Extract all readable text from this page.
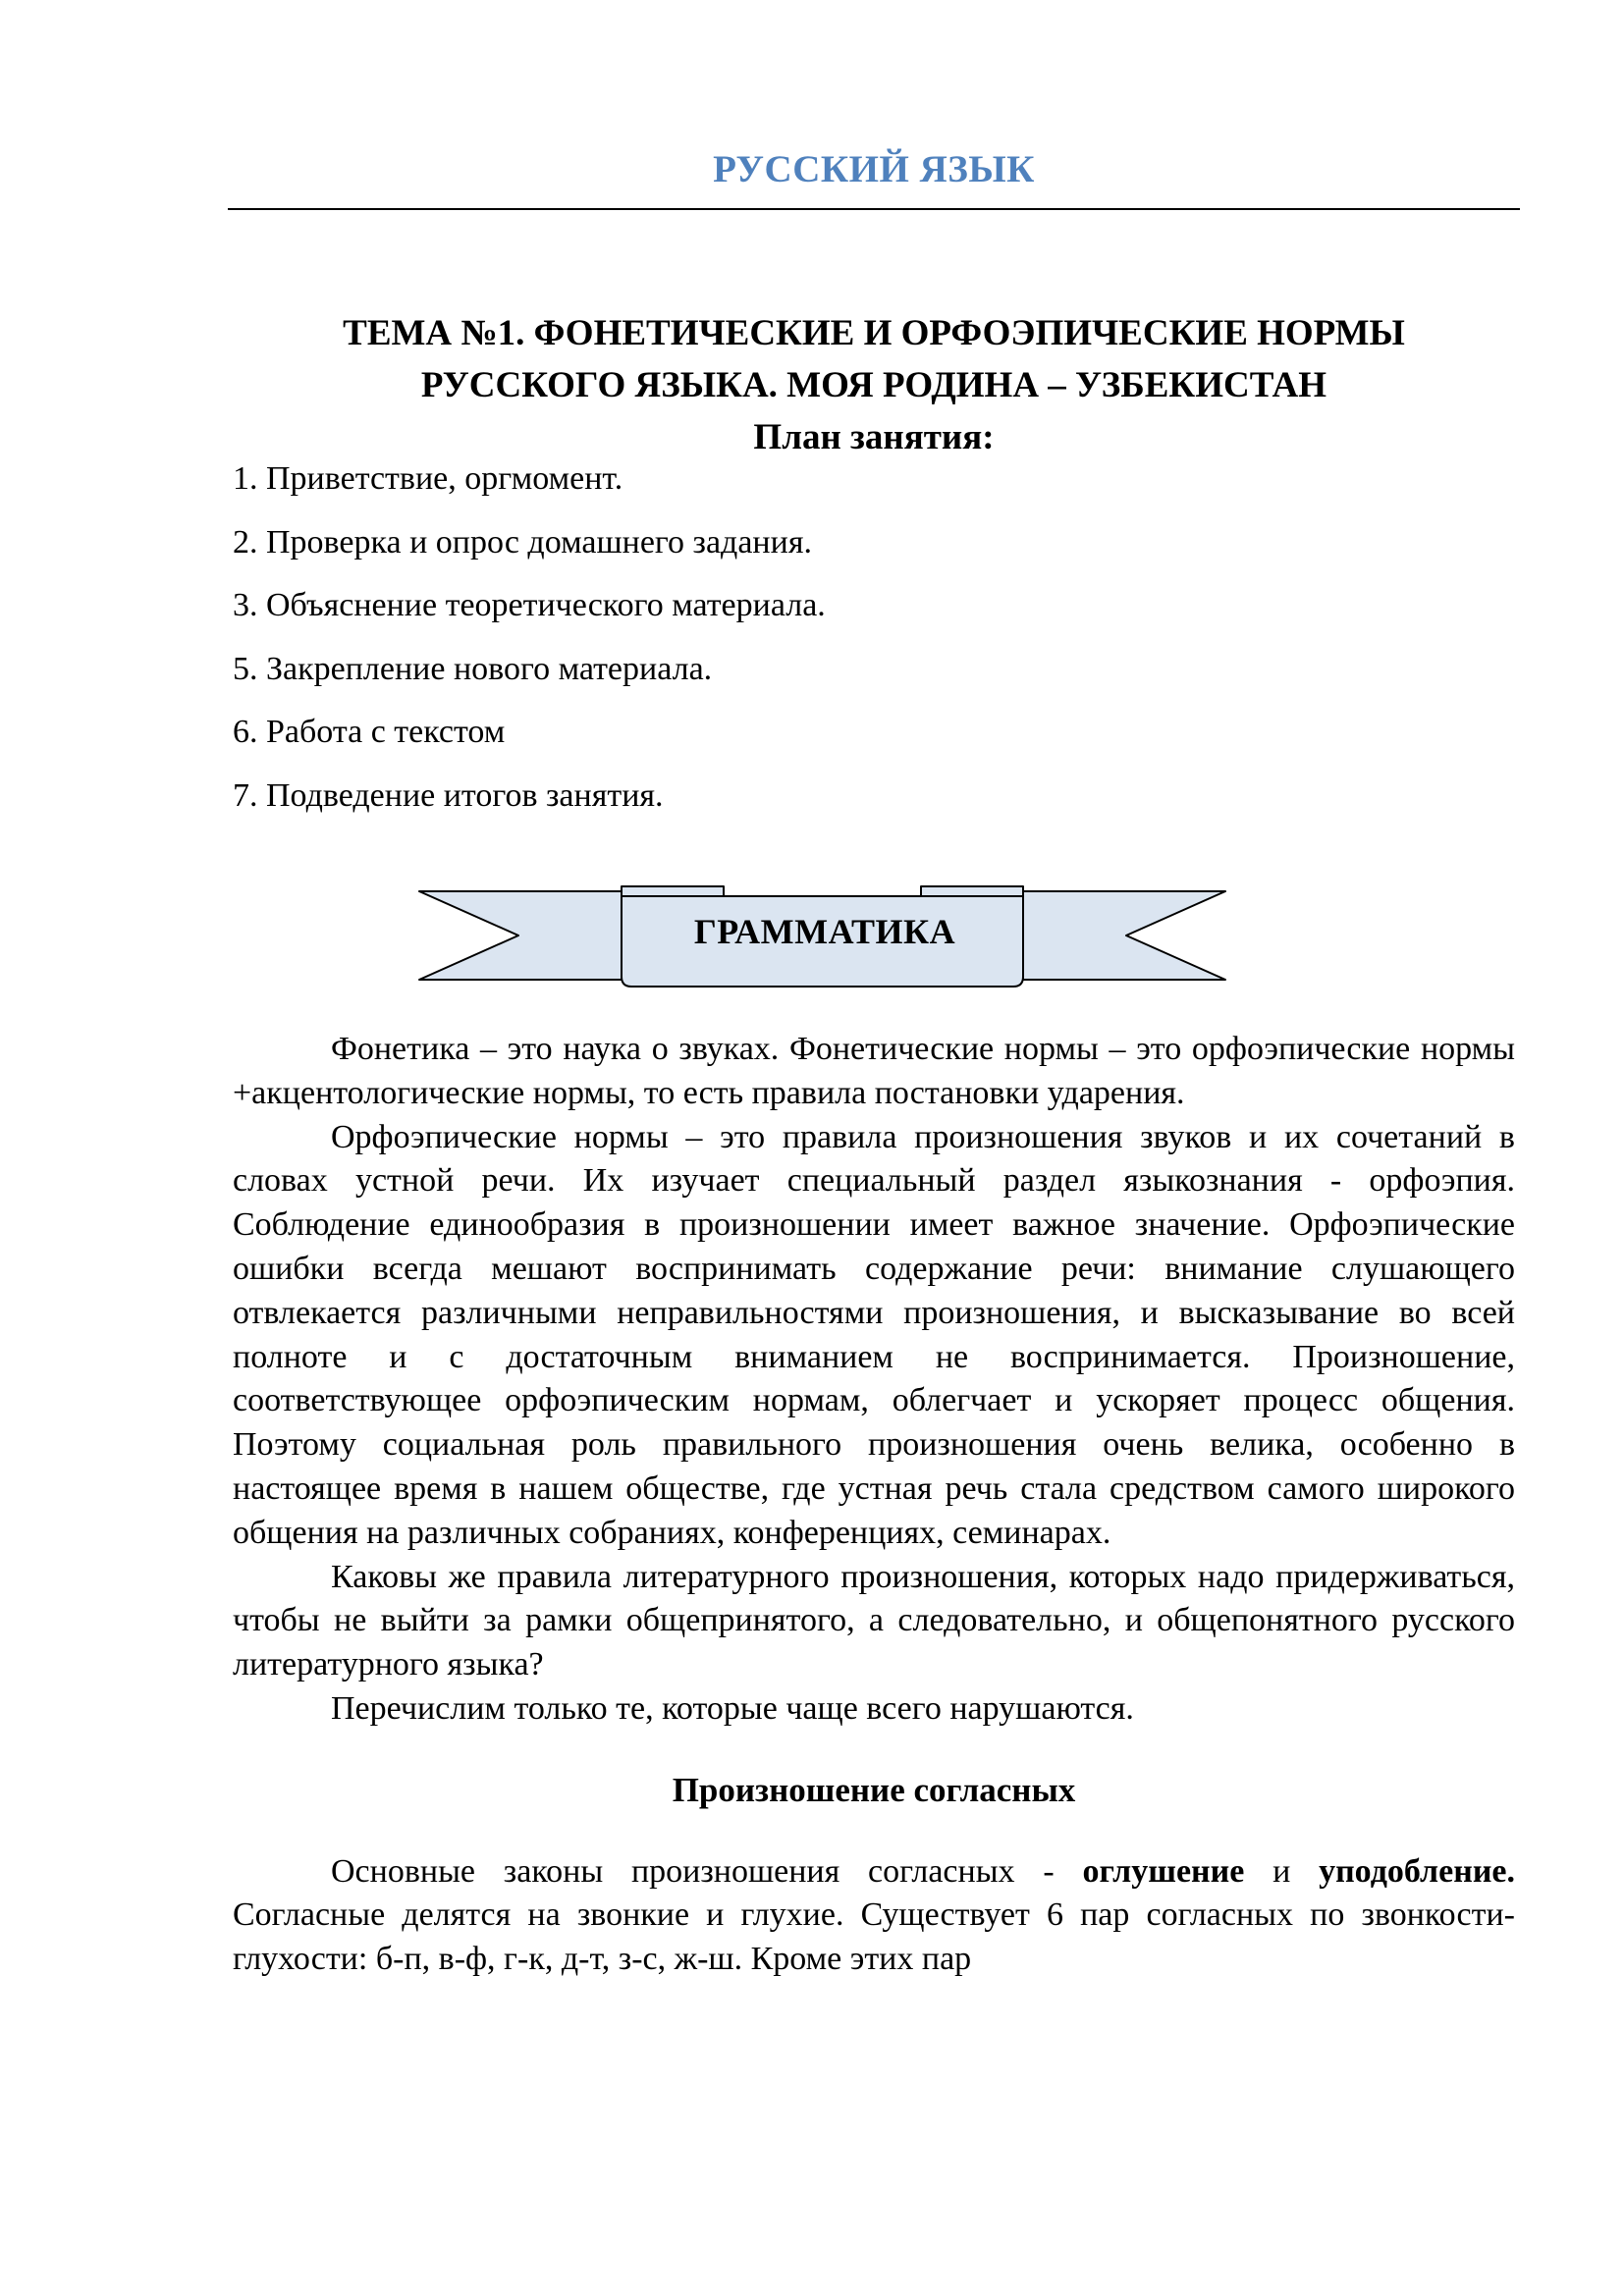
РУССКИЙ ЯЗЫК
ТЕМА №1. ФОНЕТИЧЕСКИЕ И ОРФОЭПИЧЕСКИЕ НОРМЫ
РУССКОГО ЯЗЫКА. МОЯ РОДИНА – УЗБЕКИСТАН
План занятия:
1. Приветствие, оргмомент.
2. Проверка и опрос домашнего задания.
3. Объяснение теоретического материала.
5. Закрепление нового материала.
6. Работа с текстом
7. Подведение итогов занятия.
ГРАММАТИКА

Фонетика – это наука о звуках. Фонетические нормы – это орфоэпические нормы +акцентологические нормы, то есть правила постановки ударения.

Орфоэпические нормы – это правила произношения звуков и их сочетаний в словах устной речи. Их изучает специальный раздел языкознания - орфоэпия. Соблюдение единообразия в произношении имеет важное значение. Орфоэпические ошибки всегда мешают воспринимать содержание речи: внимание слушающего отвлекается различными неправильностями произношения, и высказывание во всей полноте и с достаточным вниманием не воспринимается. Произношение, соответствующее орфоэпическим нормам, облегчает и ускоряет процесс общения. Поэтому социальная роль правильного произношения очень велика, особенно в настоящее время в нашем обществе, где устная речь стала средством самого широкого общения на различных собраниях, конференциях, семинарах.

Каковы же правила литературного произношения, которых надо придерживаться, чтобы не выйти за рамки общепринятого, а следовательно, и общепонятного русского литературного языка?

Перечислим только те, которые чаще всего нарушаются.

Произношение согласных

Основные законы произношения согласных - оглушение и уподобление. Согласные делятся на звонкие и глухие. Существует 6 пар согласных по звонкости-глухости: б-п, в-ф, г-к, д-т, з-с, ж-ш. Кроме этих пар
